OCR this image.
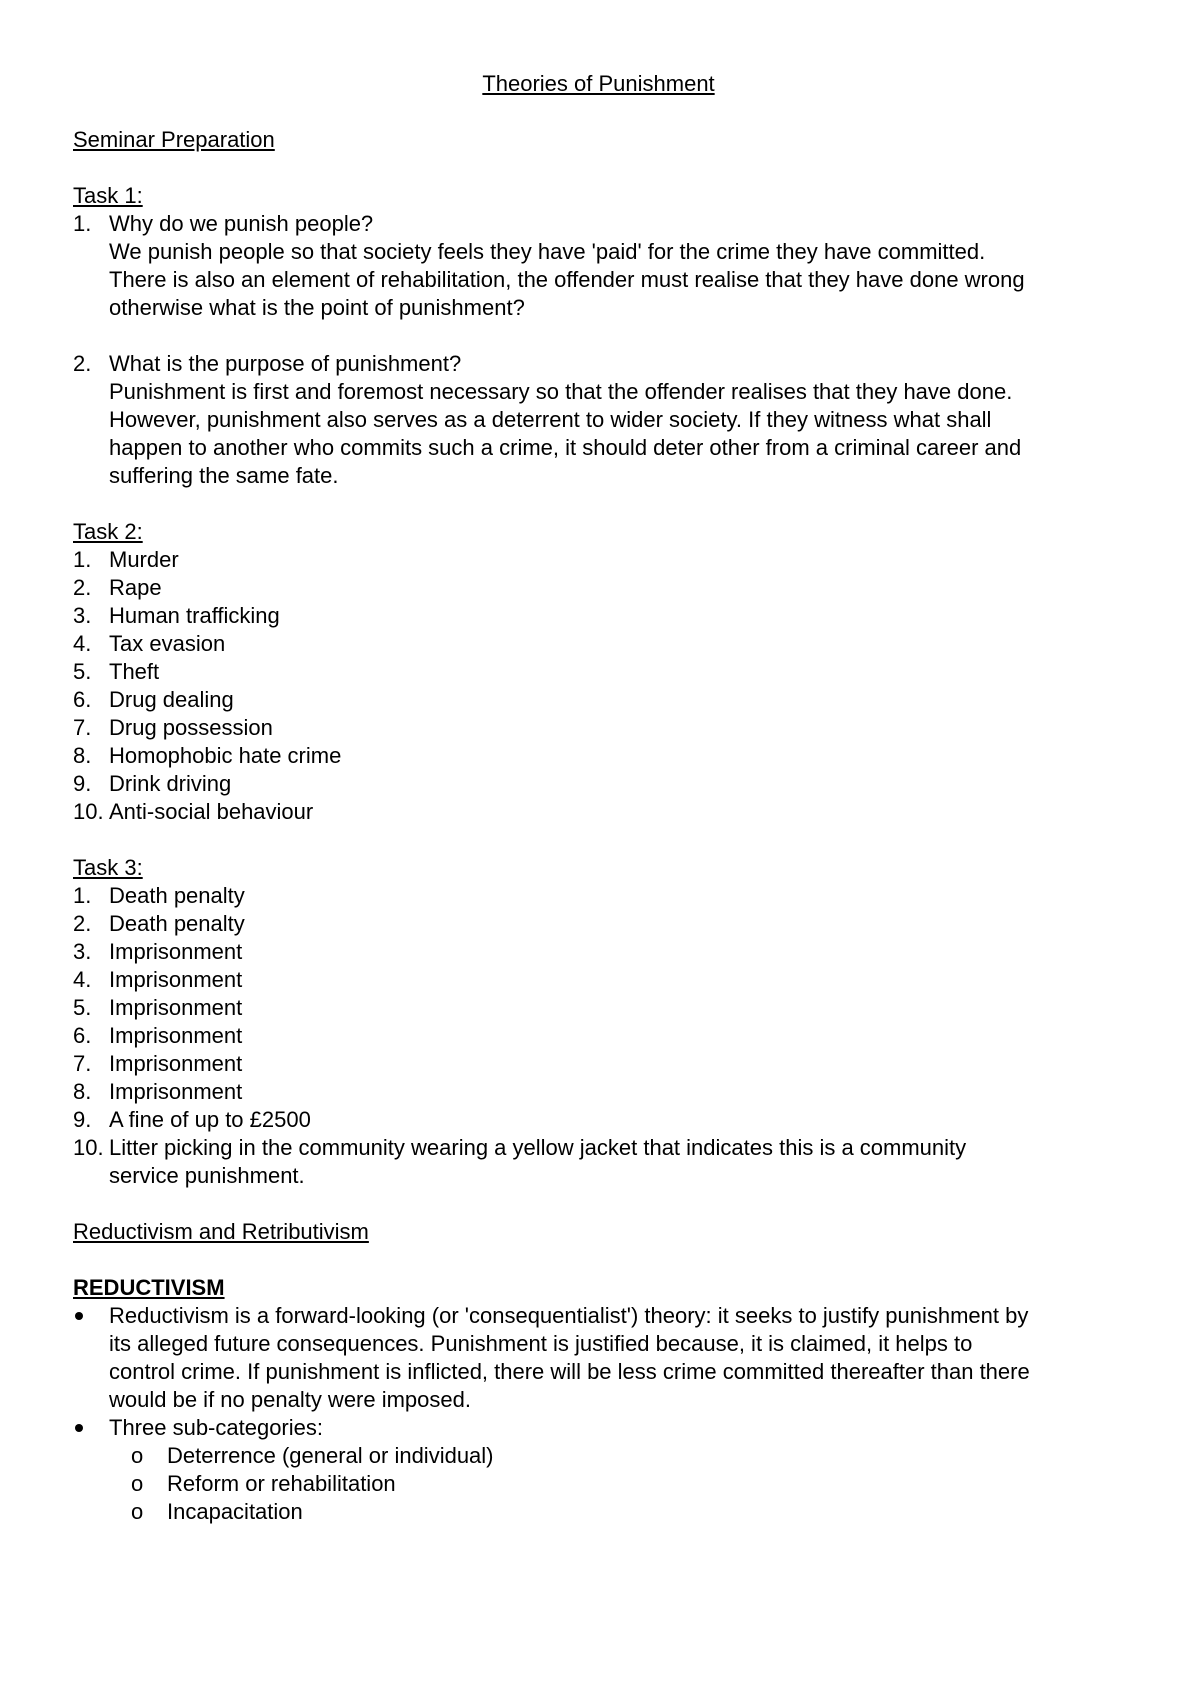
Theories of Punishment
Seminar Preparation
Task 1:
1. Why do we punish people?
We punish people so that society feels they have 'paid' for the crime they have committed.
There is also an element of rehabilitation, the offender must realise that they have done wrong
otherwise what is the point of punishment?
2. What is the purpose of punishment?
Punishment is first and foremost necessary so that the offender realises that they have done.
However, punishment also serves as a deterrent to wider society. If they witness what shall
happen to another who commits such a crime, it should deter other from a criminal career and
suffering the same fate.
Task 2:
1. Murder
2. Rape
3. Human trafficking
4. Tax evasion
5. Theft
6. Drug dealing
7. Drug possession
8. Homophobic hate crime
9. Drink driving
10. Anti-social behaviour
Task 3:
1. Death penalty
2. Death penalty
3. Imprisonment
4. Imprisonment
5. Imprisonment
6. Imprisonment
7. Imprisonment
8. Imprisonment
9. A fine of up to £2500
10. Litter picking in the community wearing a yellow jacket that indicates this is a community
service punishment.
Reductivism and Retributivism
REDUCTIVISM
Reductivism is a forward-looking (or 'consequentialist') theory: it seeks to justify punishment by
its alleged future consequences. Punishment is justified because, it is claimed, it helps to
control crime. If punishment is inflicted, there will be less crime committed thereafter than there
would be if no penalty were imposed.
Three sub-categories:
o Deterrence (general or individual)
o Reform or rehabilitation
o Incapacitation
